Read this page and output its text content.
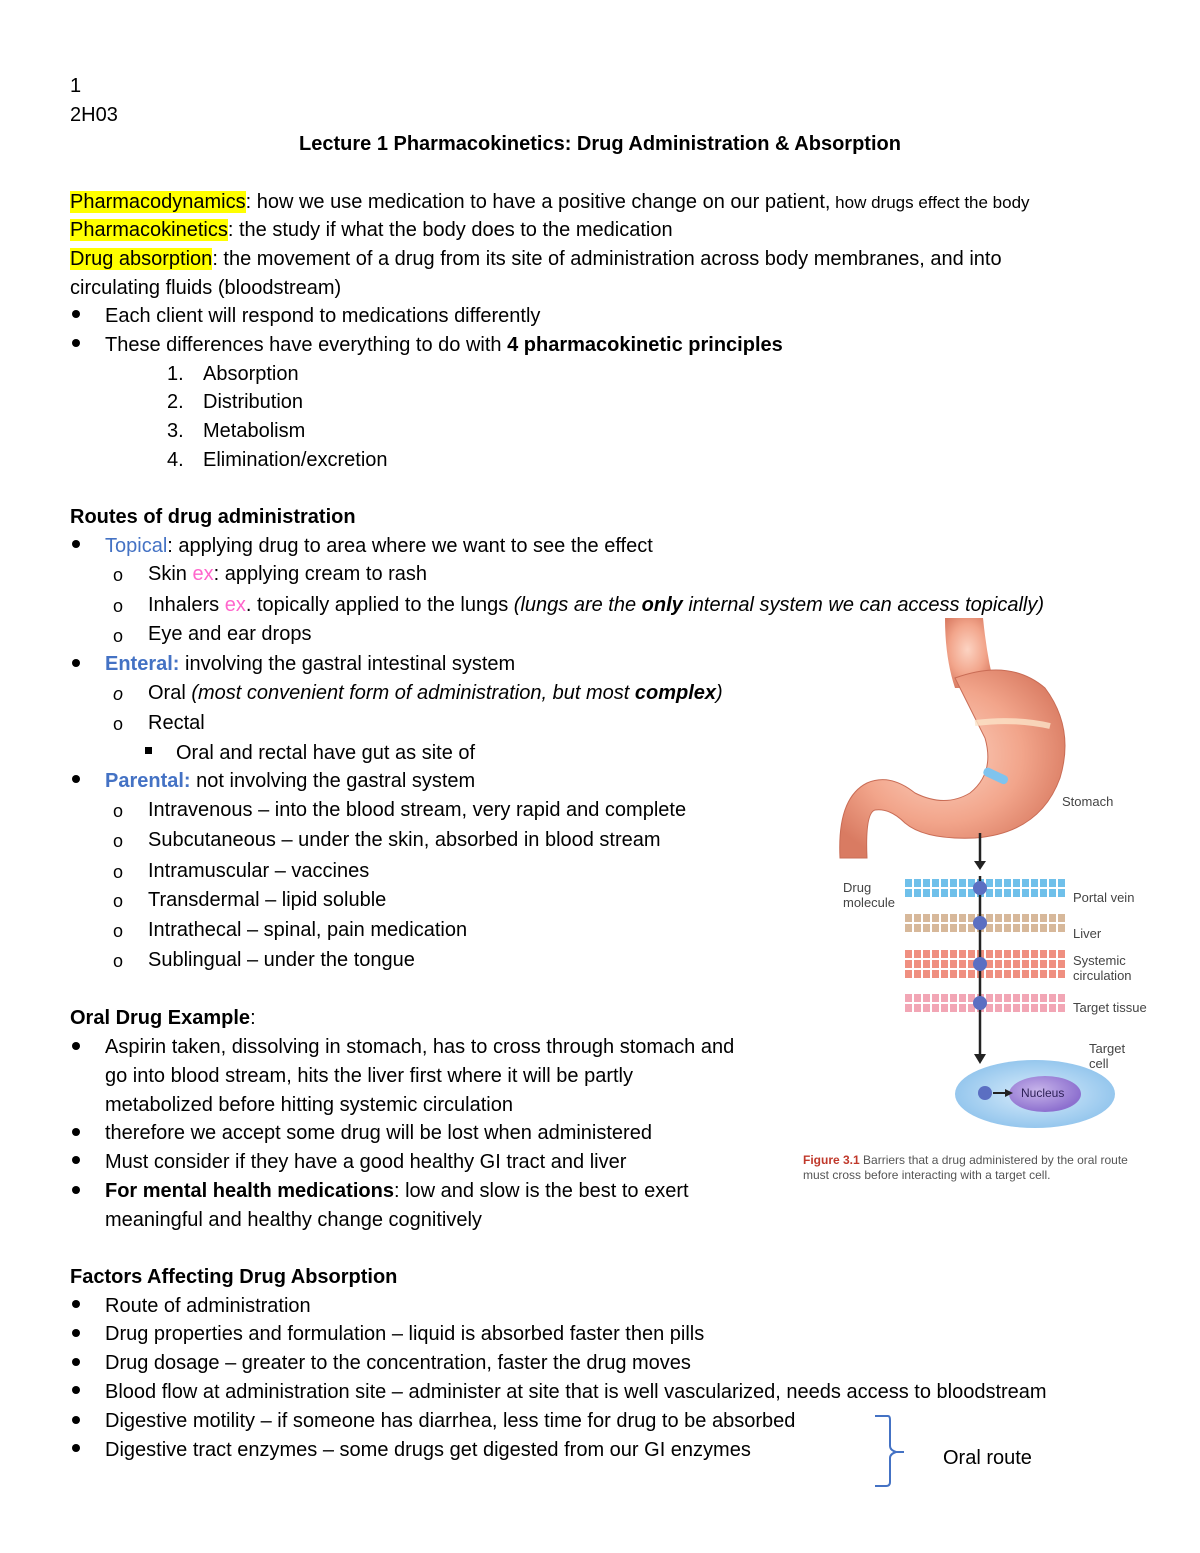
1
2H03
Lecture 1 Pharmacokinetics: Drug Administration & Absorption
Pharmacodynamics: how we use medication to have a positive change on our patient, how drugs effect the body
Pharmacokinetics: the study if what the body does to the medication
Drug absorption: the movement of a drug from its site of administration across body membranes, and into
circulating fluids (bloodstream)
Each client will respond to medications differently
These differences have everything to do with 4 pharmacokinetic principles
1. Absorption
2. Distribution
3. Metabolism
4. Elimination/excretion
Routes of drug administration
Topical: applying drug to area where we want to see the effect
o Skin ex: applying cream to rash
o Inhalers ex. topically applied to the lungs (lungs are the only internal system we can access topically)
o Eye and ear drops
Enteral: involving the gastral intestinal system
o Oral (most convenient form of administration, but most complex)
o Rectal
Oral and rectal have gut as site of
Parental: not involving the gastral system
o Intravenous – into the blood stream, very rapid and complete
o Subcutaneous – under the skin, absorbed in blood stream
o Intramuscular – vaccines
o Transdermal – lipid soluble
o Intrathecal – spinal, pain medication
o Sublingual – under the tongue
Oral Drug Example:
Aspirin taken, dissolving in stomach, has to cross through stomach and
go into blood stream, hits the liver first where it will be partly
metabolized before hitting systemic circulation
therefore we accept some drug will be lost when administered
Must consider if they have a good healthy GI tract and liver
For mental health medications: low and slow is the best to exert
meaningful and healthy change cognitively
Factors Affecting Drug Absorption
Route of administration
Drug properties and formulation – liquid is absorbed faster then pills
Drug dosage – greater to the concentration, faster the drug moves
Blood flow at administration site – administer at site that is well vascularized, needs access to bloodstream
Digestive motility – if someone has diarrhea, less time for drug to be absorbed
Digestive tract enzymes – some drugs get digested from our GI enzymes	Oral route
Stomach
Drug
molecule	Portal vein
Liver
Systemic
circulation
Target tissue
Target
cell
Nucleus
Figure 3.1 Barriers that a drug administered by the oral route must cross before interacting with a target cell.
